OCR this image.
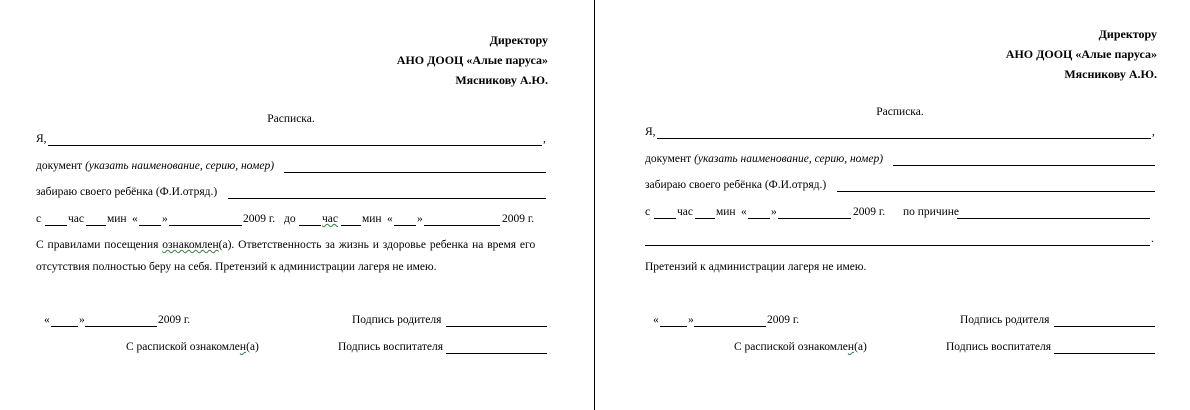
Директору
АНО ДООЦ «Алые паруса»
Мясникову А.Ю.
Расписка.
Я,	,
документ (указать наименование, серию, номер)
забираю своего ребёнка (Ф.И.отряд.)
с час мин « »	2009 г. до час мин « »	2009 г.
С правилами посещения ознакомлен(а). Ответственность за жизнь и здоровье ребенка на время его
отсутствия полностью беру на себя. Претензий к администрации лагеря не имею.
«	»	2009 г.	Подпись родителя
С распиской ознакомлен(а)	Подпись воспитателя
Директору
АНО ДООЦ «Алые паруса»
Мясникову А.Ю.
Расписка.
Я,	,
документ (указать наименование, серию, номер)
забираю своего ребёнка (Ф.И.отряд.)
с час мин « »	2009 г. по причине
.
Претензий к администрации лагеря не имею.
«	»	2009 г.	Подпись родителя
С распиской ознакомлен(а)	Подпись воспитателя
